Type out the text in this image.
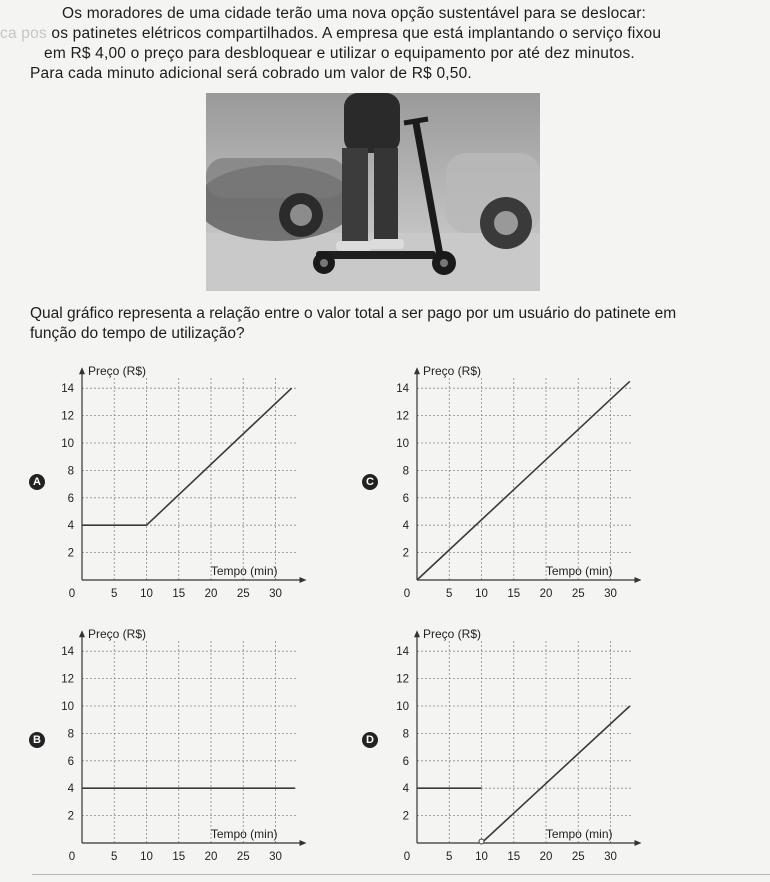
Os moradores de uma cidade terão uma nova opção sustentável para se deslocar:
ca pos os patinetes elétricos compartilhados. A empresa que está implantando o serviço fixou
em R$ 4,00 o preço para desbloquear e utilizar o equipamento por até dez minutos.
Para cada minuto adicional será cobrado um valor de R$ 0,50.

Qual gráfico representa a relação entre o valor total a ser pago por um usuário do patinete em
função do tempo de utilização?

A
B
C
D
2
4
6
8
10
12
14
0	5 10 15 20 25 30
Preço (R$)
Tempo (min)
2
4
6
8
10
12
14
0	5 10 15 20 25 30
Preço (R$)
Tempo (min)
2
4
6
8
10
12
14
0	5 10 15 20 25 30
Preço (R$)
Tempo (min)
2
4
6
8
10
12
14
0	5 10 15 20 25 30
Preço (R$)
Tempo (min)
